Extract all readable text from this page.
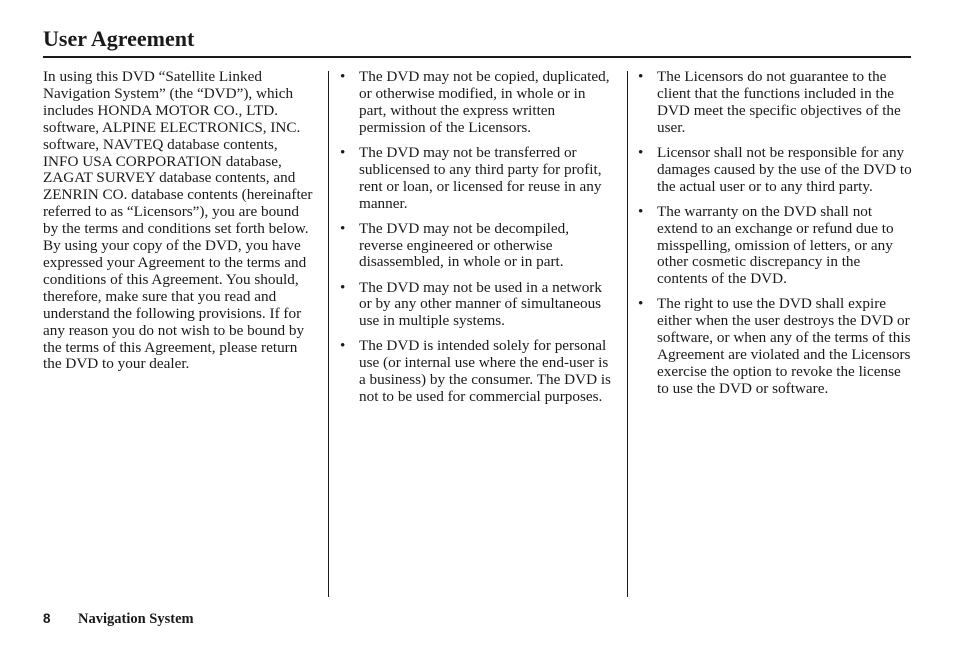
User Agreement

In using this DVD “Satellite Linked Navigation System” (the “DVD”), which includes HONDA MOTOR CO., LTD. software, ALPINE ELECTRONICS, INC. software, NAVTEQ database contents, INFO USA CORPORATION database, ZAGAT SURVEY database contents, and ZENRIN CO. database contents (hereinafter referred to as “Licensors”), you are bound by the terms and conditions set forth below.

By using your copy of the DVD, you have expressed your Agreement to the terms and conditions of this Agreement. You should, therefore, make sure that you read and understand the following provisions. If for any reason you do not wish to be bound by the terms of this Agreement, please return the DVD to your dealer.

• The DVD may not be copied, duplicated, or otherwise modified, in whole or in part, without the express written permission of the Licensors.
• The DVD may not be transferred or sublicensed to any third party for profit, rent or loan, or licensed for reuse in any manner.
• The DVD may not be decompiled, reverse engineered or otherwise disassembled, in whole or in part.
• The DVD may not be used in a network or by any other manner of simultaneous use in multiple systems.
• The DVD is intended solely for personal use (or internal use where the end-user is a business) by the consumer. The DVD is not to be used for commercial purposes.
• The Licensors do not guarantee to the client that the functions included in the DVD meet the specific objectives of the user.
• Licensor shall not be responsible for any damages caused by the use of the DVD to the actual user or to any third party.
• The warranty on the DVD shall not extend to an exchange or refund due to misspelling, omission of letters, or any other cosmetic discrepancy in the contents of the DVD.
• The right to use the DVD shall expire either when the user destroys the DVD or software, or when any of the terms of this Agreement are violated and the Licensors exercise the option to revoke the license to use the DVD or software.
8 Navigation System
